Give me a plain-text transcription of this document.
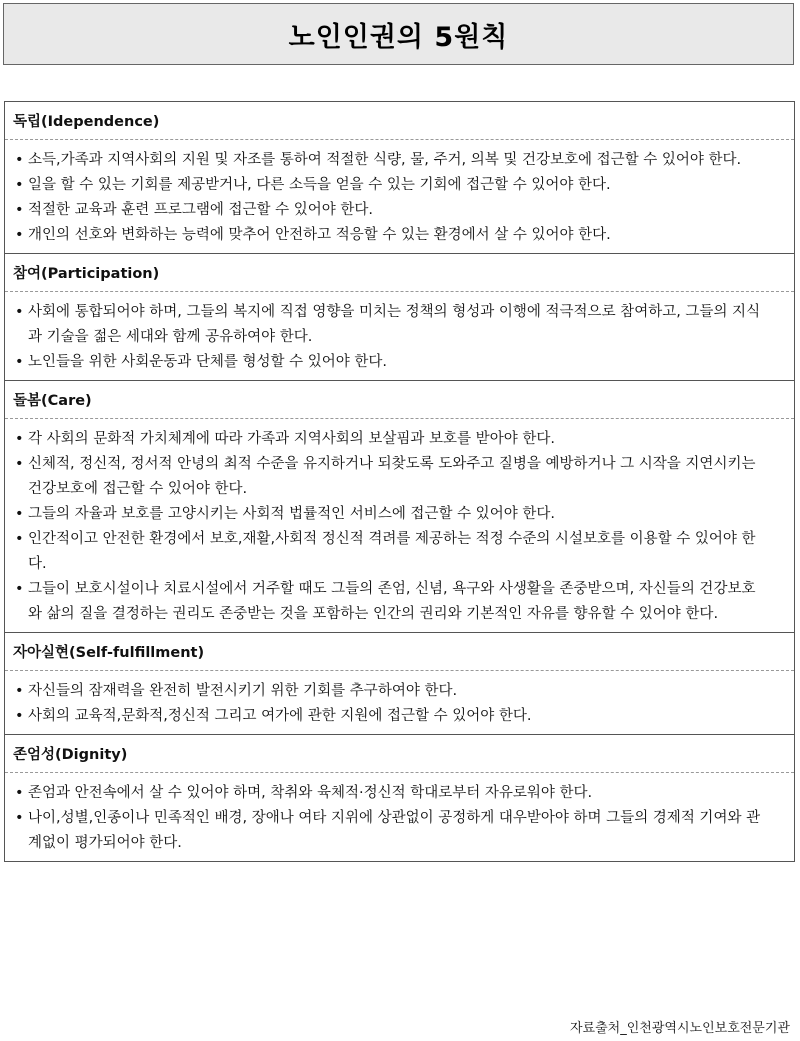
노인인권의 5원칙
독립(Idependence)
• 소득,가족과 지역사회의 지원 및 자조를 통하여 적절한 식량, 물, 주거, 의복 및 건강보호에 접근할 수 있어야 한다.
• 일을 할 수 있는 기회를 제공받거나, 다른 소득을 얻을 수 있는 기회에 접근할 수 있어야 한다.
• 적절한 교육과 훈련 프로그램에 접근할 수 있어야 한다.
• 개인의 선호와 변화하는 능력에 맞추어 안전하고 적응할 수 있는 환경에서 살 수 있어야 한다.
참여(Participation)
• 사회에 통합되어야 하며, 그들의 복지에 직접 영향을 미치는 정책의 형성과 이행에 적극적으로 참여하고, 그들의 지식과 기술을 젊은 세대와 함께 공유하여야 한다.
• 노인들을 위한 사회운동과 단체를 형성할 수 있어야 한다.
돌봄(Care)
• 각 사회의 문화적 가치체계에 따라 가족과 지역사회의 보살핌과 보호를 받아야 한다.
• 신체적, 정신적, 정서적 안녕의 최적 수준을 유지하거나 되찾도록 도와주고 질병을 예방하거나 그 시작을 지연시키는 건강보호에 접근할 수 있어야 한다.
• 그들의 자율과 보호를 고양시키는 사회적 법률적인 서비스에 접근할 수 있어야 한다.
• 인간적이고 안전한 환경에서 보호,재활,사회적 정신적 격려를 제공하는 적정 수준의 시설보호를 이용할 수 있어야 한다.
• 그들이 보호시설이나 치료시설에서 거주할 때도 그들의 존엄, 신념, 욕구와 사생활을 존중받으며, 자신들의 건강보호와 삶의 질을 결정하는 권리도 존중받는 것을 포함하는 인간의 권리와 기본적인 자유를 향유할 수 있어야 한다.
자아실현(Self-fulfillment)
• 자신들의 잠재력을 완전히 발전시키기 위한 기회를 추구하여야 한다.
• 사회의 교육적,문화적,정신적 그리고 여가에 관한 지원에 접근할 수 있어야 한다.
존엄성(Dignity)
• 존엄과 안전속에서 살 수 있어야 하며, 착취와 육체적·정신적 학대로부터 자유로워야 한다.
• 나이,성별,인종이나 민족적인 배경, 장애나 여타 지위에 상관없이 공정하게 대우받아야 하며 그들의 경제적 기여와 관계없이 평가되어야 한다.
자료출처_인천광역시노인보호전문기관
